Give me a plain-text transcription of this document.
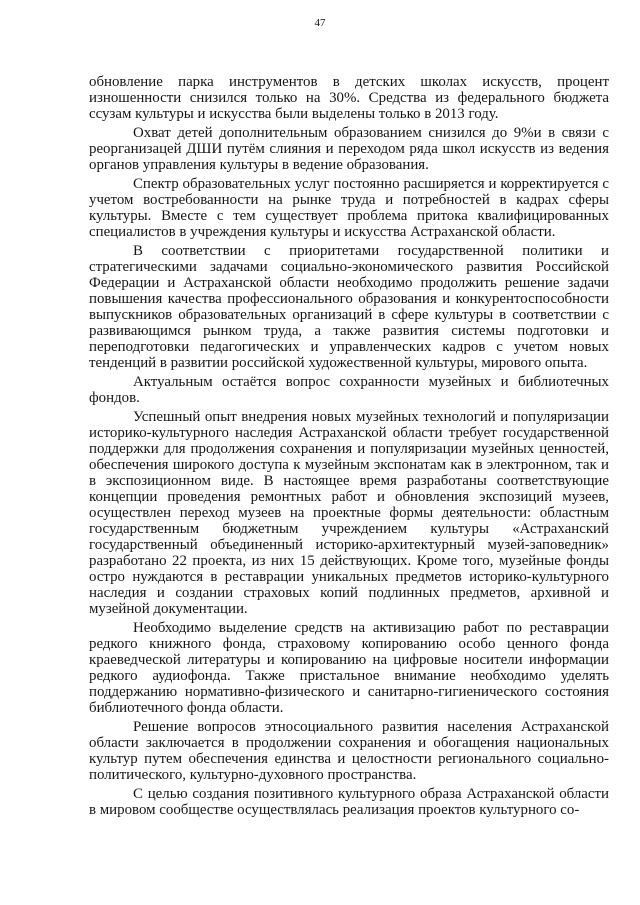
47

обновление парка инструментов в детских школах искусств, процент изношенности снизился только на 30%. Средства из федерального бюджета ссузам культуры и искусства были выделены только в 2013 году.

Охват детей дополнительным образованием снизился до 9%и в связи с реорганизацей ДШИ путём слияния и переходом ряда школ искусств из ведения органов управления культуры в ведение образования.

Спектр образовательных услуг постоянно расширяется и корректируется с учетом востребованности на рынке труда и потребностей в кадрах сферы культуры. Вместе с тем существует проблема притока квалифицированных специалистов в учреждения культуры и искусства Астраханской области.

В соответствии с приоритетами государственной политики и стратегическими задачами социально-экономического развития Российской Федерации и Астраханской области необходимо продолжить решение задачи повышения качества профессионального образования и конкурентоспособности выпускников образовательных организаций в сфере культуры в соответствии с развивающимся рынком труда, а также развития системы подготовки и переподготовки педагогических и управленческих кадров с учетом новых тенденций в развитии российской художественной культуры, мирового опыта.

Актуальным остаётся вопрос сохранности музейных и библиотечных фондов.

Успешный опыт внедрения новых музейных технологий и популяризации историко-культурного наследия Астраханской области требует государственной поддержки для продолжения сохранения и популяризации музейных ценностей, обеспечения широкого доступа к музейным экспонатам как в электронном, так и в экспозиционном виде. В настоящее время разработаны соответствующие концепции проведения ремонтных работ и обновления экспозиций музеев, осуществлен переход музеев на проектные формы деятельности: областным государственным бюджетным учреждением культуры «Астраханский государственный объединенный историко-архитектурный музей-заповедник» разработано 22 проекта, из них 15 действующих. Кроме того, музейные фонды остро нуждаются в реставрации уникальных предметов историко-культурного наследия и создании страховых копий подлинных предметов, архивной и музейной документации.

Необходимо выделение средств на активизацию работ по реставрации редкого книжного фонда, страховому копированию особо ценного фонда краеведческой литературы и копированию на цифровые носители информации редкого аудиофонда. Также пристальное внимание необходимо уделять поддержанию нормативно-физического и санитарно-гигиенического состояния библиотечного фонда области.

Решение вопросов этносоциального развития населения Астраханской области заключается в продолжении сохранения и обогащения национальных культур путем обеспечения единства и целостности регионального социально-политического, культурно-духовного пространства.

С целью создания позитивного культурного образа Астраханской области в мировом сообществе осуществлялась реализация проектов культурного со-
